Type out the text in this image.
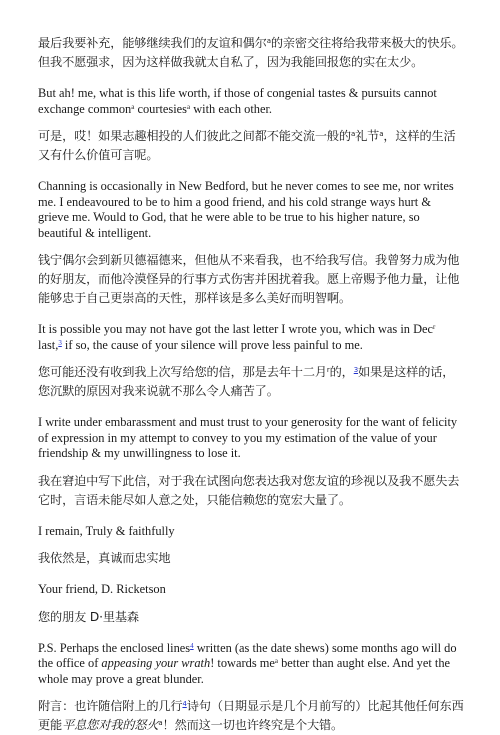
最后我要补充，能够继续我们的友谊和偶尔$^a$的亲密交往将给我带来极大的快乐。但我不愿强求，因为这样做我就太自私了，因为我能回报您的实在太少。

But ah! me, what is this life worth, if those of congenial tastes & pursuits cannot exchange common$^a$ courtesies$^a$ with each other.

可是，哎！如果志趣相投的人们彼此之间都不能交流一般的$^a$礼节$^a$，这样的生活又有什么价值可言呢。

Channing is occasionally in New Bedford, but he never comes to see me, nor writes me. I endeavoured to be to him a good friend, and his cold strange ways hurt & grieve me. Would to God, that he were able to be true to his higher nature, so beautiful & intelligent.

钱宁偶尔会到新贝德福德来，但他从不来看我，也不给我写信。我曾努力成为他的好朋友，而他冷漠怪异的行事方式伤害并困扰着我。愿上帝赐予他力量，让他能够忠于自己更崇高的天性，那样该是多么美好而明智啊。

It is possible you may not have got the last letter I wrote you, which was in Dec$^r$ last,$^3$ if so, the cause of your silence will prove less painful to me.

您可能还没有收到我上次写给您的信，那是去年十二月$^r$的，$^3$如果是这样的话，您沉默的原因对我来说就不那么令人痛苦了。

I write under embarassment and must trust to your generosity for the want of felicity of expression in my attempt to convey to you my estimation of the value of your friendship & my unwillingness to lose it.

我在窘迫中写下此信，对于我在试图向您表达我对您友谊的珍视以及我不愿失去它时，言语未能尽如人意之处，只能信赖您的宽宏大量了。

I remain, Truly & faithfully

我依然是，真诚而忠实地

Your friend, D. Ricketson

您的朋友 D·里基森

P.S. Perhaps the enclosed lines$^4$ written (as the date shews) some months ago will do the office of appeasing your wrath! towards $me^a$ better than aught else. And yet the whole may prove a great blunder.

附言：也许随信附上的几行$^4$诗句（日期显示是几个月前写的）比起其他任何东西更能平息您对我的怒火$^a$！然而这一切也许终究是个大错。
